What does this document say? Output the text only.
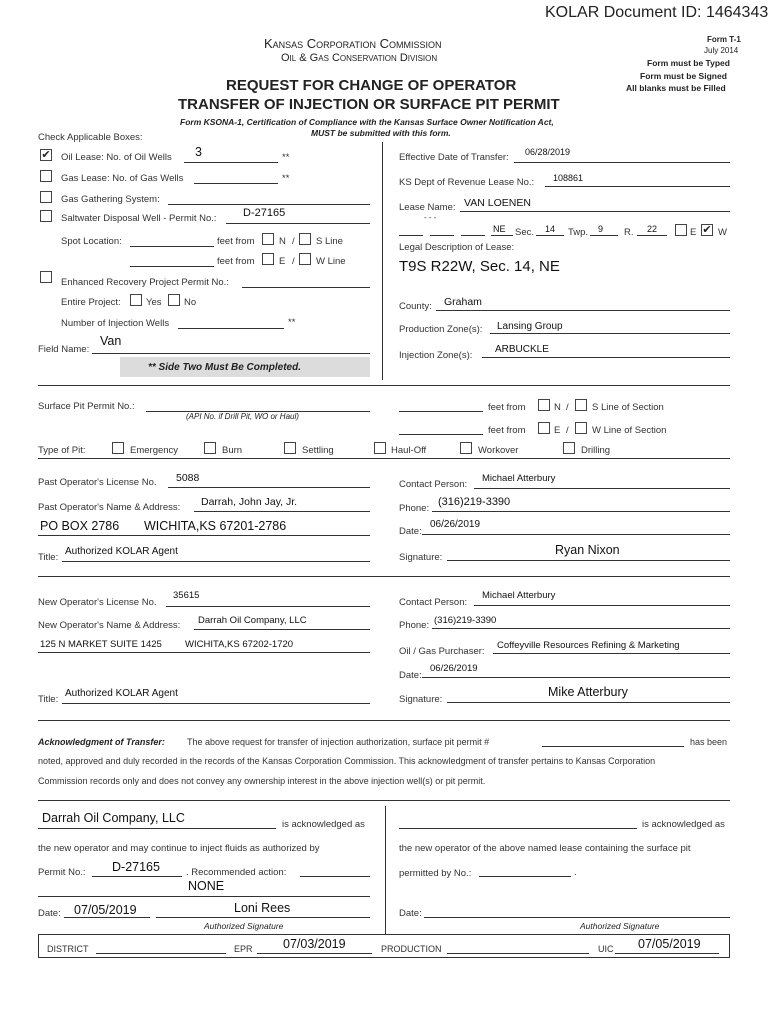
KOLAR Document ID: 1464343
Kansas Corporation Commission
Oil & Gas Conservation Division
Form T-1
July 2014
Form must be Typed
Form must be Signed
All blanks must be Filled
REQUEST FOR CHANGE OF OPERATOR
TRANSFER OF INJECTION OR SURFACE PIT PERMIT
Form KSONA-1, Certification of Compliance with the Kansas Surface Owner Notification Act,
MUST be submitted with this form.
Check Applicable Boxes:
✔ Oil Lease: No. of Oil Wells 3	**
Gas Lease: No. of Gas Wells	**
Gas Gathering System:
Saltwater Disposal Well - Permit No.: D-27165
Spot Location:	feet from	N / S Line
feet from	E / W Line
Enhanced Recovery Project Permit No.:
Entire Project:	Yes No
Number of Injection Wells	**
Field Name:
Van
** Side Two Must Be Completed.
Effective Date of Transfer: 06/28/2019
KS Dept of Revenue Lease No.: 108861
Lease Name: VAN LOENEN
- - -
NE Sec. 14 Twp. 9 R. 22	E ✔ W
Legal Description of Lease:
T9S R22W, Sec. 14, NE
County: Graham
Production Zone(s): Lansing Group
Injection Zone(s):
ARBUCKLE
Surface Pit Permit No.:
(API No. if Drill Pit, WO or Haul)
feet from	N / S Line of Section
feet from	E / W Line of Section
Type of Pit:	Emergency	Burn	Settling	Haul-Off	Workover	Drilling
Past Operator's License No. 5088
Past Operator's Name & Address: Darrah, John Jay, Jr.
PO BOX 2786 WICHITA,KS 67201-2786
Title:
Authorized KOLAR Agent
Contact Person:
Michael Atterbury
Phone:
(316)219-3390
Date:
06/26/2019
Signature:
Ryan Nixon
New Operator's License No.
35615
New Operator's Name & Address: Darrah Oil Company, LLC
125 N MARKET SUITE 1425 WICHITA,KS 67202-1720
Title:
Authorized KOLAR Agent
Contact Person:
Michael Atterbury
Phone: (316)219-3390
Oil / Gas Purchaser:
Coffeyville Resources Refining & Marketing
Date:
06/26/2019
Signature:
Mike Atterbury
Acknowledgment of Transfer: The above request for transfer of injection authorization, surface pit permit #	has been
noted, approved and duly recorded in the records of the Kansas Corporation Commission. This acknowledgment of transfer pertains to Kansas Corporation
Commission records only and does not convey any ownership interest in the above injection well(s) or pit permit.
Darrah Oil Company, LLC	is acknowledged as
the new operator and may continue to inject fluids as authorized by
Permit No.: D-27165	. Recommended action:
NONE
Date: 07/05/2019	Loni Rees
Authorized Signature
is acknowledged as
the new operator of the above named lease containing the surface pit
permitted by No.:	.
Date:
Authorized Signature
DISTRICT	EPR 07/03/2019	PRODUCTION	UIC 07/05/2019
